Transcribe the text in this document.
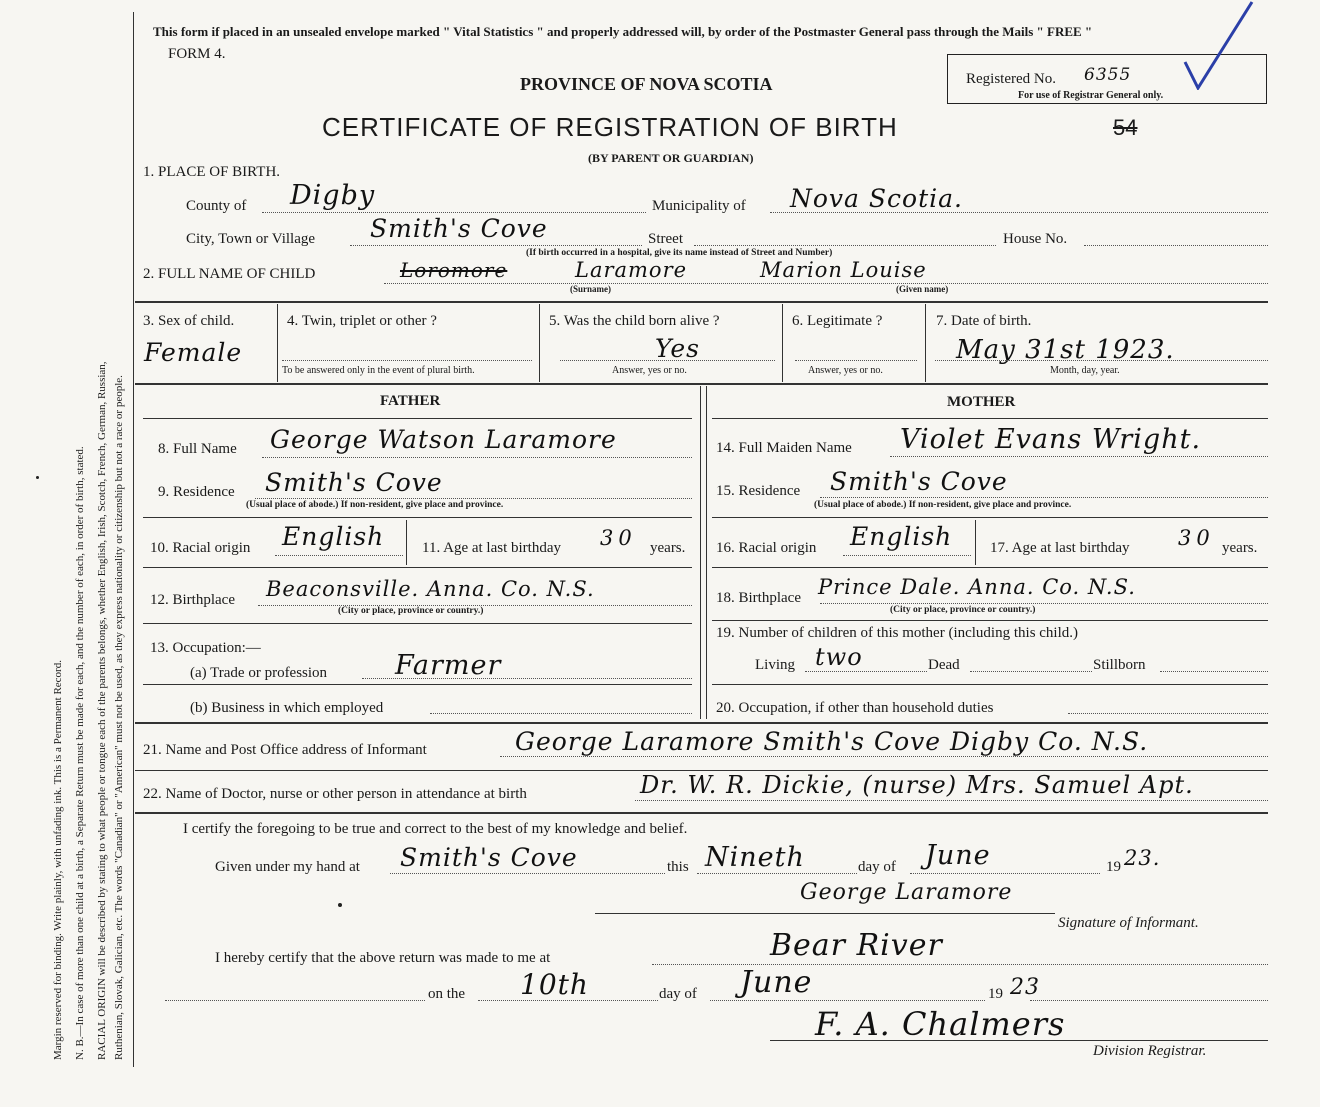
Margin reserved for binding. Write plainly, with unfading ink. This is a Permanent Record. N. B.—In case of more than one child at a birth, a Separate Return must be made for each, and the number of each, in order of birth, stated. RACIAL ORIGIN will be described by stating to what people or tongue each of the parents belongs, whether English, Irish, Scotch, French, German, Russian, Ruthenian, Slovak, Galician, etc. The words "Canadian" or "American" must not be used, as they express nationality or citizenship but not a race or people.
This form if placed in an unsealed envelope marked " Vital Statistics " and properly addressed will, by order of the Postmaster General pass through the Mails " FREE "
FORM 4.
PROVINCE OF NOVA SCOTIA
CERTIFICATE OF REGISTRATION OF BIRTH	54
(BY PARENT OR GUARDIAN)
Registered No. 6355
For use of Registrar General only.
1. PLACE OF BIRTH.
County of Digby	Municipality of Nova Scotia.
City, Town or Village Smith's Cove	Street	House No.
(If birth occurred in a hospital, give its name instead of Street and Number)
2. FULL NAME OF CHILD	Loromore	Laramore	Marion Louise
(Surname)	(Given name)
3. Sex of child.
Female
4. Twin, triplet or other ?
To be answered only in the event of plural birth.
5. Was the child born alive ?
Yes
Answer, yes or no.
6. Legitimate ?
Answer, yes or no.
7. Date of birth.
May 31st 1923.
Month, day, year.
FATHER	MOTHER
8. Full Name George Watson Laramore
9. Residence Smith's Cove
(Usual place of abode.) If non-resident, give place and province.
10. Racial origin English	11. Age at last birthday 30 years.
12. Birthplace Beaconsville. Anna. Co. N.S.
(City or place, province or country.)
13. Occupation:—
(a) Trade or profession	Farmer
(b) Business in which employed
14. Full Maiden Name Violet Evans Wright.
15. Residence Smith's Cove
(Usual place of abode.) If non-resident, give place and province.
16. Racial origin English	17. Age at last birthday 30 years.
18. Birthplace Prince Dale. Anna. Co. N.S.
(City or place, province or country.)
19. Number of children of this mother (including this child.)
Living two	Dead	Stillborn
20. Occupation, if other than household duties
21. Name and Post Office address of Informant	George Laramore Smith's Cove Digby Co. N.S.
22. Name of Doctor, nurse or other person in attendance at birth	Dr. W. R. Dickie, (nurse) Mrs. Samuel Apt.
I certify the foregoing to be true and correct to the best of my knowledge and belief.
Given under my hand at Smith's Cove	this Nineth	day of June	19 23.
George Laramore
Signature of Informant.
Bear River
I hereby certify that the above return was made to me at
on the 10th	day of June	19 23
F. A. Chalmers
Division Registrar.
